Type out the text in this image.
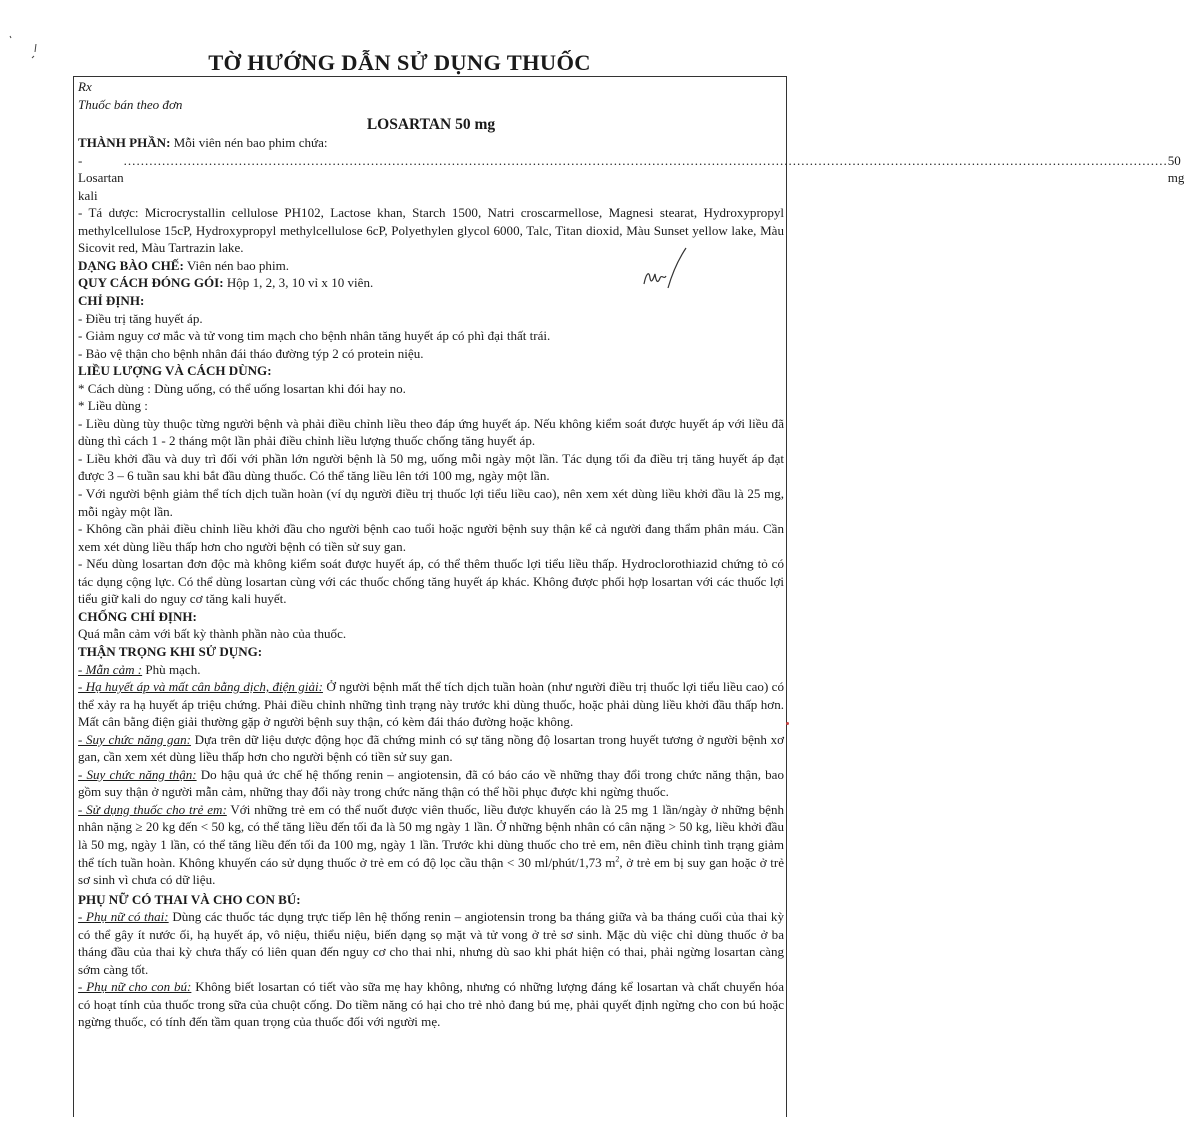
TỜ HƯỚNG DẪN SỬ DỤNG THUỐC

Rx

Thuốc bán theo đơn

LOSARTAN 50 mg

THÀNH PHẦN: Mỗi viên nén bao phim chứa:

- Losartan kali
..................................................................................................................................................................................................................................................... 50 mg

- Tá dược: Microcrystallin cellulose PH102, Lactose khan, Starch 1500, Natri croscarmellose, Magnesi stearat, Hydroxypropyl methylcellulose 15cP, Hydroxypropyl methylcellulose 6cP, Polyethylen glycol 6000, Talc, Titan dioxid, Màu Sunset yellow lake, Màu Sicovit red, Màu Tartrazin lake.

DẠNG BÀO CHẾ: Viên nén bao phim.

QUY CÁCH ĐÓNG GÓI: Hộp 1, 2, 3, 10 vỉ x 10 viên.

CHỈ ĐỊNH:

- Điều trị tăng huyết áp.

- Giảm nguy cơ mắc và tử vong tim mạch cho bệnh nhân tăng huyết áp có phì đại thất trái.

- Bảo vệ thận cho bệnh nhân đái tháo đường týp 2 có protein niệu.

LIỀU LƯỢNG VÀ CÁCH DÙNG:

* Cách dùng : Dùng uống, có thể uống losartan khi đói hay no.

* Liều dùng :

- Liều dùng tùy thuộc từng người bệnh và phải điều chỉnh liều theo đáp ứng huyết áp. Nếu không kiểm soát được huyết áp với liều đã dùng thì cách 1 - 2 tháng một lần phải điều chỉnh liều lượng thuốc chống tăng huyết áp.

- Liều khởi đầu và duy trì đối với phần lớn người bệnh là 50 mg, uống mỗi ngày một lần. Tác dụng tối đa điều trị tăng huyết áp đạt được 3 – 6 tuần sau khi bắt đầu dùng thuốc. Có thể tăng liều lên tới 100 mg, ngày một lần.

- Với người bệnh giảm thể tích dịch tuần hoàn (ví dụ người điều trị thuốc lợi tiểu liều cao), nên xem xét dùng liều khởi đầu là 25 mg, mỗi ngày một lần.

- Không cần phải điều chỉnh liều khởi đầu cho người bệnh cao tuổi hoặc người bệnh suy thận kể cả người đang thẩm phân máu. Cần xem xét dùng liều thấp hơn cho người bệnh có tiền sử suy gan.

- Nếu dùng losartan đơn độc mà không kiểm soát được huyết áp, có thể thêm thuốc lợi tiểu liều thấp. Hydroclorothiazid chứng tỏ có tác dụng cộng lực. Có thể dùng losartan cùng với các thuốc chống tăng huyết áp khác. Không được phối hợp losartan với các thuốc lợi tiểu giữ kali do nguy cơ tăng kali huyết.

CHỐNG CHỈ ĐỊNH:

Quá mẫn cảm với bất kỳ thành phần nào của thuốc.

THẬN TRỌNG KHI SỬ DỤNG:

- Mẫn cảm : Phù mạch.

- Hạ huyết áp và mất cân bằng dịch, điện giải: Ở người bệnh mất thể tích dịch tuần hoàn (như người điều trị thuốc lợi tiểu liều cao) có thể xảy ra hạ huyết áp triệu chứng. Phải điều chỉnh những tình trạng này trước khi dùng thuốc, hoặc phải dùng liều khởi đầu thấp hơn. Mất cân bằng điện giải thường gặp ở người bệnh suy thận, có kèm đái tháo đường hoặc không.

- Suy chức năng gan: Dựa trên dữ liệu dược động học đã chứng minh có sự tăng nồng độ losartan trong huyết tương ở người bệnh xơ gan, cần xem xét dùng liều thấp hơn cho người bệnh có tiền sử suy gan.

- Suy chức năng thận: Do hậu quả ức chế hệ thống renin – angiotensin, đã có báo cáo về những thay đổi trong chức năng thận, bao gồm suy thận ở người mẫn cảm, những thay đổi này trong chức năng thận có thể hồi phục được khi ngừng thuốc.

- Sử dụng thuốc cho trẻ em: Với những trẻ em có thể nuốt được viên thuốc, liều được khuyến cáo là 25 mg 1 lần/ngày ở những bệnh nhân nặng ≥ 20 kg đến < 50 kg, có thể tăng liều đến tối đa là 50 mg ngày 1 lần. Ở những bệnh nhân có cân nặng > 50 kg, liều khởi đầu là 50 mg, ngày 1 lần, có thể tăng liều đến tối đa 100 mg, ngày 1 lần. Trước khi dùng thuốc cho trẻ em, nên điều chỉnh tình trạng giảm thể tích tuần hoàn. Không khuyến cáo sử dụng thuốc ở trẻ em có độ lọc cầu thận < 30 ml/phút/1,73 $m^2$, ở trẻ em bị suy gan hoặc ở trẻ sơ sinh vì chưa có dữ liệu.

PHỤ NỮ CÓ THAI VÀ CHO CON BÚ:

- Phụ nữ có thai: Dùng các thuốc tác dụng trực tiếp lên hệ thống renin – angiotensin trong ba tháng giữa và ba tháng cuối của thai kỳ có thể gây ít nước ối, hạ huyết áp, vô niệu, thiểu niệu, biến dạng sọ mặt và tử vong ở trẻ sơ sinh. Mặc dù việc chỉ dùng thuốc ở ba tháng đầu của thai kỳ chưa thấy có liên quan đến nguy cơ cho thai nhi, nhưng dù sao khi phát hiện có thai, phải ngừng losartan càng sớm càng tốt.

- Phụ nữ cho con bú: Không biết losartan có tiết vào sữa mẹ hay không, nhưng có những lượng đáng kể losartan và chất chuyển hóa có hoạt tính của thuốc trong sữa của chuột cống. Do tiềm năng có hại cho trẻ nhỏ đang bú mẹ, phải quyết định ngừng cho con bú hoặc ngừng thuốc, có tính đến tầm quan trọng của thuốc đối với người mẹ.
